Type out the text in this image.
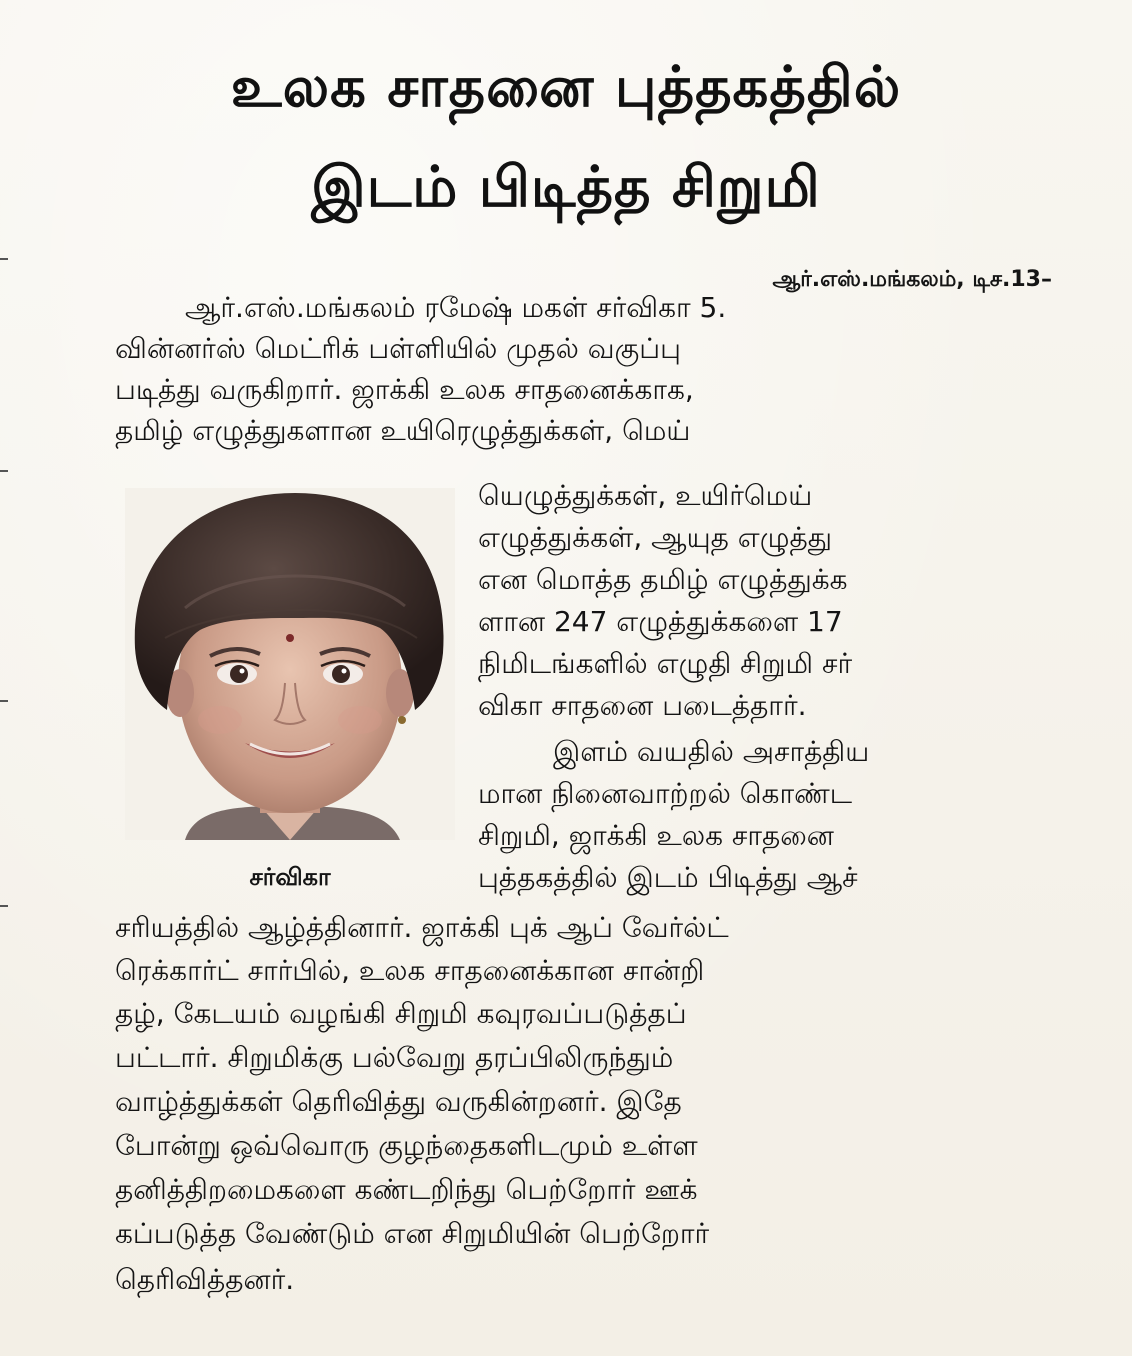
உலக சாதனை புத்தகத்தில்
இடம் பிடித்த சிறுமி
ஆர்.எஸ்.மங்கலம், டிச.13–
ஆர்.எஸ்.மங்கலம் ரமேஷ் மகள் சர்விகா 5.
வின்னர்ஸ் மெட்ரிக் பள்ளியில் முதல் வகுப்பு
படித்து வருகிறார். ஜாக்கி உலக சாதனைக்காக,
தமிழ் எழுத்துகளான உயிரெழுத்துக்கள், மெய்
யெழுத்துக்கள், உயிர்மெய்
எழுத்துக்கள், ஆயுத எழுத்து
என மொத்த தமிழ் எழுத்துக்க
ளான 247 எழுத்துக்களை 17
நிமிடங்களில் எழுதி சிறுமி சர்
விகா சாதனை படைத்தார்.
இளம் வயதில் அசாத்திய
மான நினைவாற்றல் கொண்ட
சிறுமி, ஜாக்கி உலக சாதனை
புத்தகத்தில் இடம் பிடித்து ஆச்
சர்விகா
சரியத்தில் ஆழ்த்தினார். ஜாக்கி புக் ஆப் வேர்ல்ட்
ரெக்கார்ட் சார்பில், உலக சாதனைக்கான சான்றி
தழ், கேடயம் வழங்கி சிறுமி கவுரவப்படுத்தப்
பட்டார். சிறுமிக்கு பல்வேறு தரப்பிலிருந்தும்
வாழ்த்துக்கள் தெரிவித்து வருகின்றனர். இதே
போன்று ஒவ்வொரு குழந்தைகளிடமும் உள்ள
தனித்திறமைகளை கண்டறிந்து பெற்றோர் ஊக்
கப்படுத்த வேண்டும் என சிறுமியின் பெற்றோர்
தெரிவித்தனர்.
